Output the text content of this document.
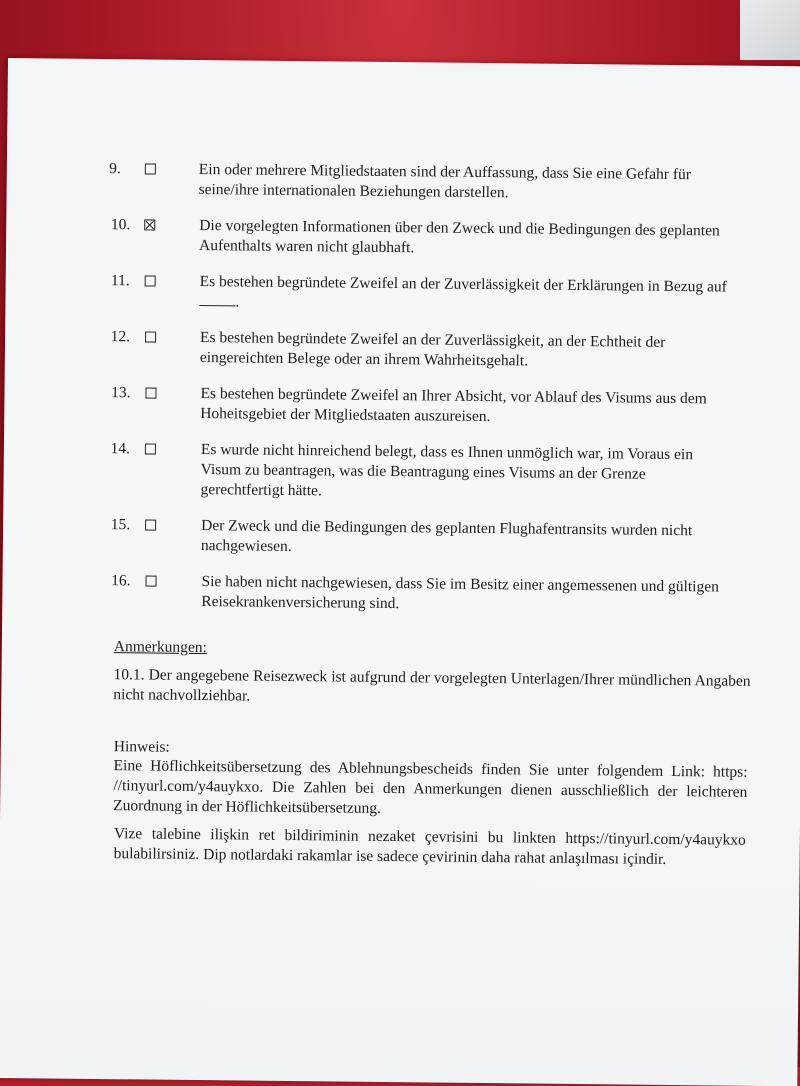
9.	Ein oder mehrere Mitgliedstaaten sind der Auffassung, dass Sie eine Gefahr für
seine/ihre internationalen Beziehungen darstellen.
10.	Die vorgelegten Informationen über den Zweck und die Bedingungen des geplanten
Aufenthalts waren nicht glaubhaft.
11.	Es bestehen begründete Zweifel an der Zuverlässigkeit der Erklärungen in Bezug auf
.
12.	Es bestehen begründete Zweifel an der Zuverlässigkeit, an der Echtheit der
eingereichten Belege oder an ihrem Wahrheitsgehalt.
13.	Es bestehen begründete Zweifel an Ihrer Absicht, vor Ablauf des Visums aus dem
Hoheitsgebiet der Mitgliedstaaten auszureisen.
14.	Es wurde nicht hinreichend belegt, dass es Ihnen unmöglich war, im Voraus ein
Visum zu beantragen, was die Beantragung eines Visums an der Grenze
gerechtfertigt hätte.
15.	Der Zweck und die Bedingungen des geplanten Flughafentransits wurden nicht
nachgewiesen.
16.	Sie haben nicht nachgewiesen, dass Sie im Besitz einer angemessenen und gültigen
Reisekrankenversicherung sind.
Anmerkungen:
10.1. Der angegebene Reisezweck ist aufgrund der vorgelegten Unterlagen/Ihrer mündlichen Angaben nicht nachvollziehbar.
Hinweis:
Eine Höflichkeitsübersetzung des Ablehnungsbescheids finden Sie unter folgendem Link: https: //tinyurl.com/y4auykxo. Die Zahlen bei den Anmerkungen dienen ausschließlich der leichteren Zuordnung in der Höflichkeitsübersetzung.
Vize talebine ilişkin ret bildiriminin nezaket çevrisini bu linkten https://tinyurl.com/y4auykxo bulabilirsiniz. Dip notlardaki rakamlar ise sadece çevirinin daha rahat anlaşılması içindir.
